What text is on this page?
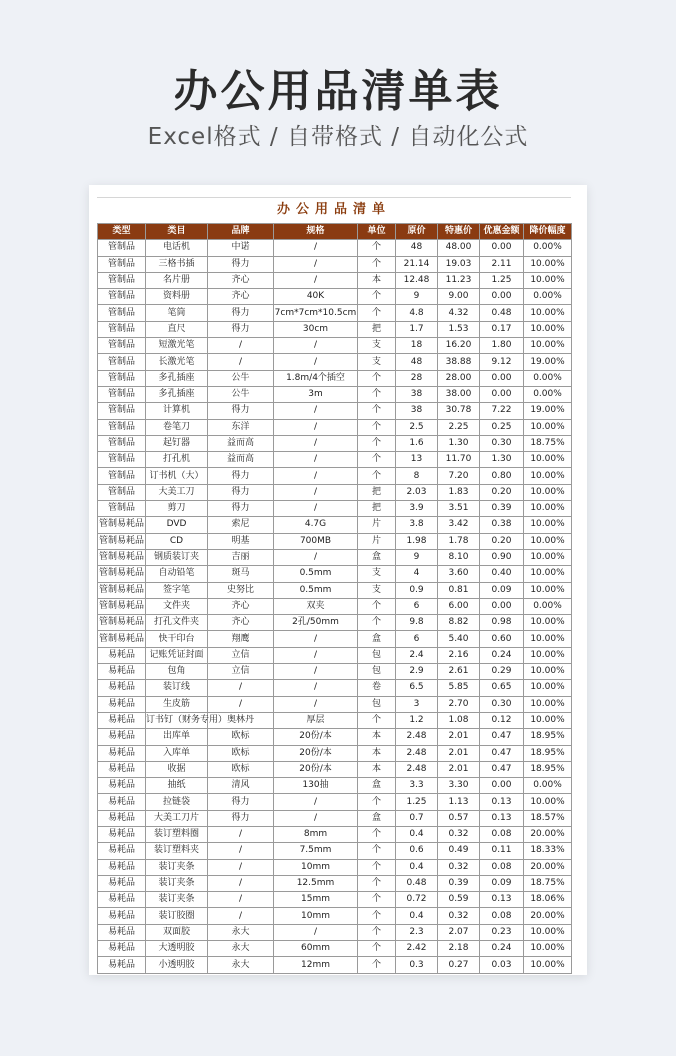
办公用品清单表
Excel格式 / 自带格式 / 自动化公式
办公用品清单
类型	类目	品牌	规格	单位	原价	特惠价	优惠金额	降价幅度
管制品	电话机	中诺	/	个	48	48.00	0.00	0.00%
管制品	三格书插	得力	/	个	21.14	19.03	2.11	10.00%
管制品	名片册	齐心	/	本	12.48	11.23	1.25	10.00%
管制品	资料册	齐心	40K	个	9	9.00	0.00	0.00%
管制品	笔筒	得力	7cm*7cm*10.5cm	个	4.8	4.32	0.48	10.00%
管制品	直尺	得力	30cm	把	1.7	1.53	0.17	10.00%
管制品	短激光笔	/	/	支	18	16.20	1.80	10.00%
管制品	长激光笔	/	/	支	48	38.88	9.12	19.00%
管制品	多孔插座	公牛	1.8m/4个插空	个	28	28.00	0.00	0.00%
管制品	多孔插座	公牛	3m	个	38	38.00	0.00	0.00%
管制品	计算机	得力	/	个	38	30.78	7.22	19.00%
管制品	卷笔刀	东洋	/	个	2.5	2.25	0.25	10.00%
管制品	起钉器	益而高	/	个	1.6	1.30	0.30	18.75%
管制品	打孔机	益而高	/	个	13	11.70	1.30	10.00%
管制品	订书机（大）	得力	/	个	8	7.20	0.80	10.00%
管制品	大美工刀	得力	/	把	2.03	1.83	0.20	10.00%
管制品	剪刀	得力	/	把	3.9	3.51	0.39	10.00%
管制易耗品	DVD	索尼	4.7G	片	3.8	3.42	0.38	10.00%
管制易耗品	CD	明基	700MB	片	1.98	1.78	0.20	10.00%
管制易耗品	钢质装订夹	吉丽	/	盒	9	8.10	0.90	10.00%
管制易耗品	自动铅笔	斑马	0.5mm	支	4	3.60	0.40	10.00%
管制易耗品	签字笔	史努比	0.5mm	支	0.9	0.81	0.09	10.00%
管制易耗品	文件夹	齐心	双夹	个	6	6.00	0.00	0.00%
管制易耗品	打孔文件夹	齐心	2孔/50mm	个	9.8	8.82	0.98	10.00%
管制易耗品	快干印台	翔鹰	/	盒	6	5.40	0.60	10.00%
易耗品	记账凭证封面	立信	/	包	2.4	2.16	0.24	10.00%
易耗品	包角	立信	/	包	2.9	2.61	0.29	10.00%
易耗品	装订线	/	/	卷	6.5	5.85	0.65	10.00%
易耗品	生皮筋	/	/	包	3	2.70	0.30	10.00%
易耗品	订书钉（财务专用）	奥林丹	厚层	个	1.2	1.08	0.12	10.00%
易耗品	出库单	欧标	20份/本	本	2.48	2.01	0.47	18.95%
易耗品	入库单	欧标	20份/本	本	2.48	2.01	0.47	18.95%
易耗品	收据	欧标	20份/本	本	2.48	2.01	0.47	18.95%
易耗品	抽纸	清风	130抽	盒	3.3	3.30	0.00	0.00%
易耗品	拉链袋	得力	/	个	1.25	1.13	0.13	10.00%
易耗品	大美工刀片	得力	/	盒	0.7	0.57	0.13	18.57%
易耗品	装订塑料圈	/	8mm	个	0.4	0.32	0.08	20.00%
易耗品	装订塑料夹	/	7.5mm	个	0.6	0.49	0.11	18.33%
易耗品	装订夹条	/	10mm	个	0.4	0.32	0.08	20.00%
易耗品	装订夹条	/	12.5mm	个	0.48	0.39	0.09	18.75%
易耗品	装订夹条	/	15mm	个	0.72	0.59	0.13	18.06%
易耗品	装订胶圈	/	10mm	个	0.4	0.32	0.08	20.00%
易耗品	双面胶	永大	/	个	2.3	2.07	0.23	10.00%
易耗品	大透明胶	永大	60mm	个	2.42	2.18	0.24	10.00%
易耗品	小透明胶	永大	12mm	个	0.3	0.27	0.03	10.00%
